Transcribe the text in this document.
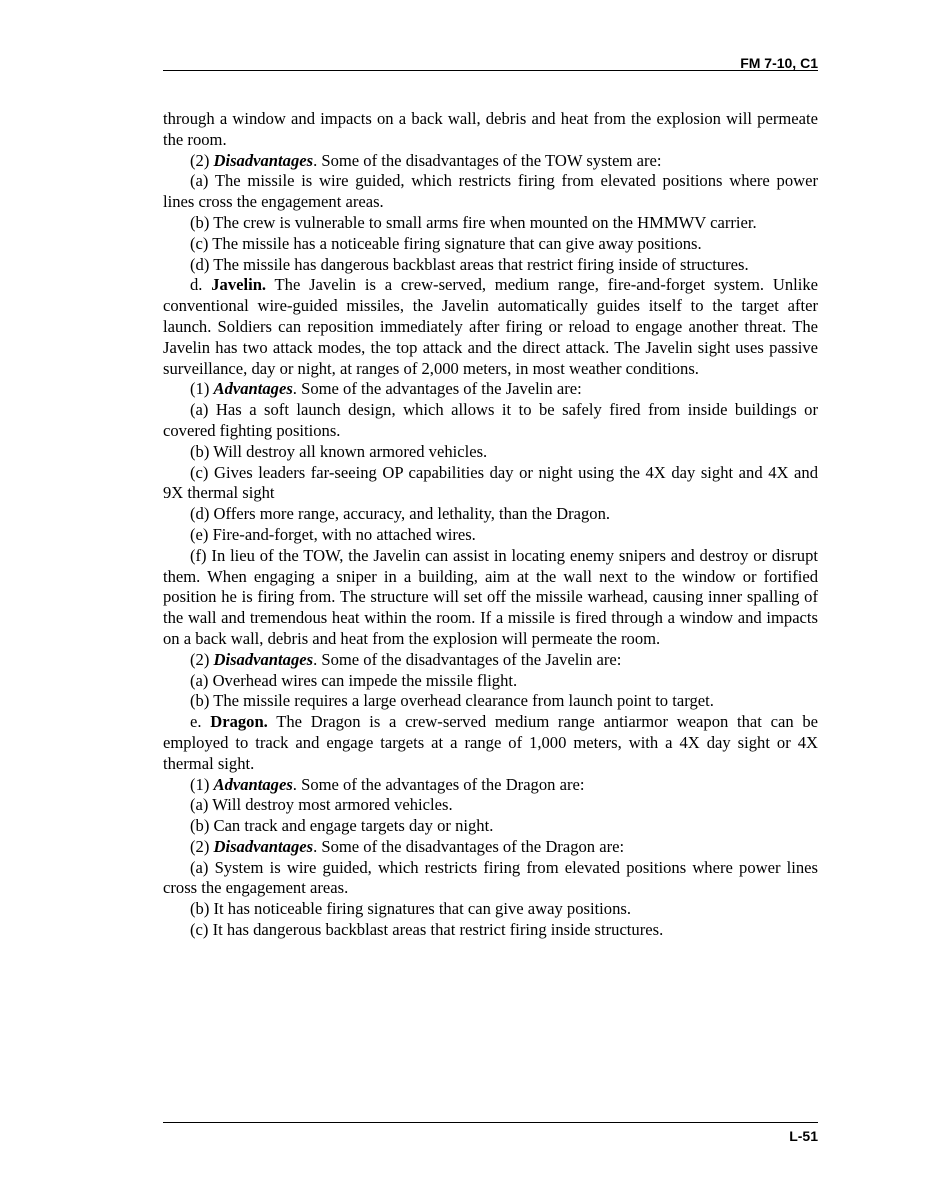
FM 7-10, C1

through a window and impacts on a back wall, debris and heat from the explosion will permeate the room.

(2) Disadvantages. Some of the disadvantages of the TOW system are:

(a) The missile is wire guided, which restricts firing from elevated positions where power lines cross the engagement areas.

(b) The crew is vulnerable to small arms fire when mounted on the HMMWV carrier.

(c) The missile has a noticeable firing signature that can give away positions.

(d) The missile has dangerous backblast areas that restrict firing inside of structures.

d. Javelin. The Javelin is a crew-served, medium range, fire-and-forget system. Unlike conventional wire-guided missiles, the Javelin automatically guides itself to the target after launch. Soldiers can reposition immediately after firing or reload to engage another threat. The Javelin has two attack modes, the top attack and the direct attack. The Javelin sight uses passive surveillance, day or night, at ranges of 2,000 meters, in most weather conditions.

(1) Advantages. Some of the advantages of the Javelin are:

(a) Has a soft launch design, which allows it to be safely fired from inside buildings or covered fighting positions.

(b) Will destroy all known armored vehicles.

(c) Gives leaders far-seeing OP capabilities day or night using the 4X day sight and 4X and 9X thermal sight

(d) Offers more range, accuracy, and lethality, than the Dragon.

(e) Fire-and-forget, with no attached wires.

(f) In lieu of the TOW, the Javelin can assist in locating enemy snipers and destroy or disrupt them. When engaging a sniper in a building, aim at the wall next to the window or fortified position he is firing from. The structure will set off the missile warhead, causing inner spalling of the wall and tremendous heat within the room. If a missile is fired through a window and impacts on a back wall, debris and heat from the explosion will permeate the room.

(2) Disadvantages. Some of the disadvantages of the Javelin are:

(a) Overhead wires can impede the missile flight.

(b) The missile requires a large overhead clearance from launch point to target.

e. Dragon. The Dragon is a crew-served medium range antiarmor weapon that can be employed to track and engage targets at a range of 1,000 meters, with a 4X day sight or 4X thermal sight.

(1) Advantages. Some of the advantages of the Dragon are:

(a) Will destroy most armored vehicles.

(b) Can track and engage targets day or night.

(2) Disadvantages. Some of the disadvantages of the Dragon are:

(a) System is wire guided, which restricts firing from elevated positions where power lines cross the engagement areas.

(b) It has noticeable firing signatures that can give away positions.

(c) It has dangerous backblast areas that restrict firing inside structures.

L-51
